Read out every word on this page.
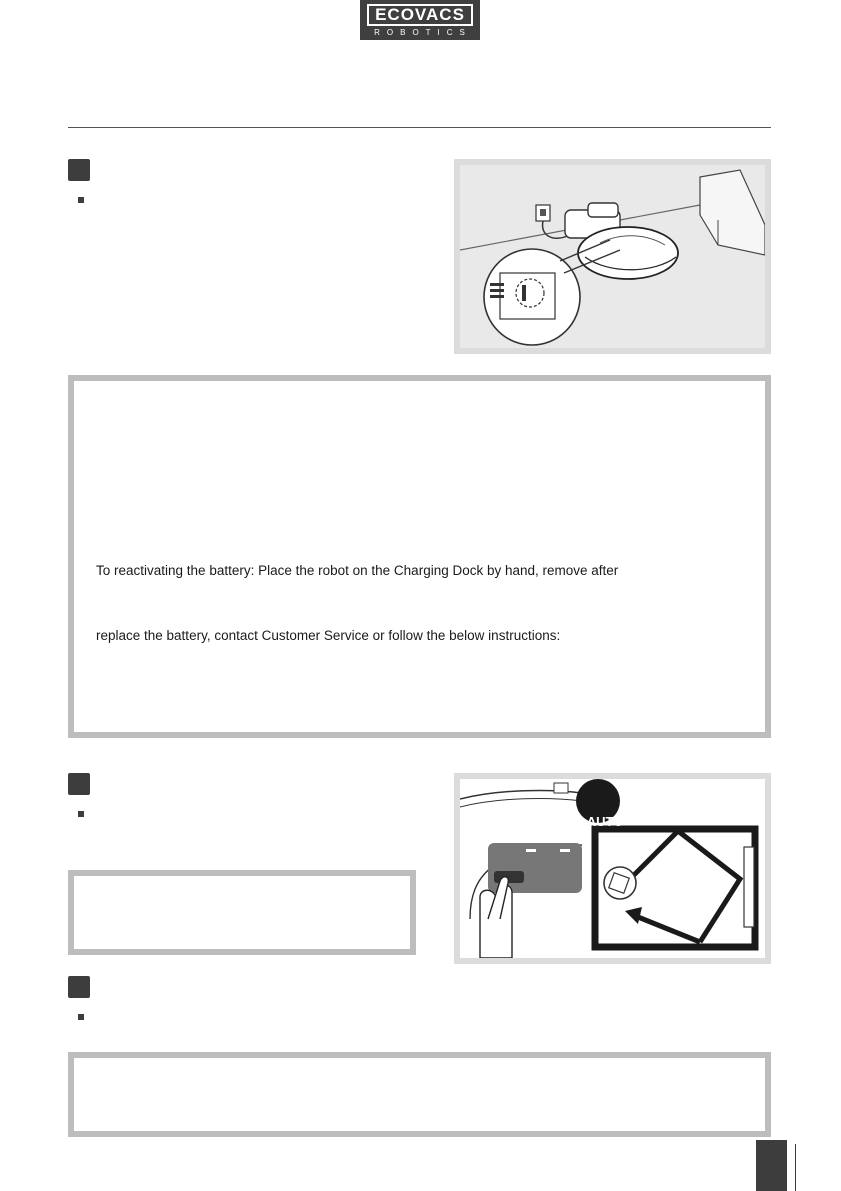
ECOVACS
ROBOTICS
To reactivating the battery: Place the robot on the Charging Dock by hand, remove after
replace the battery, contact Customer Service or follow the below instructions:
AUTO
